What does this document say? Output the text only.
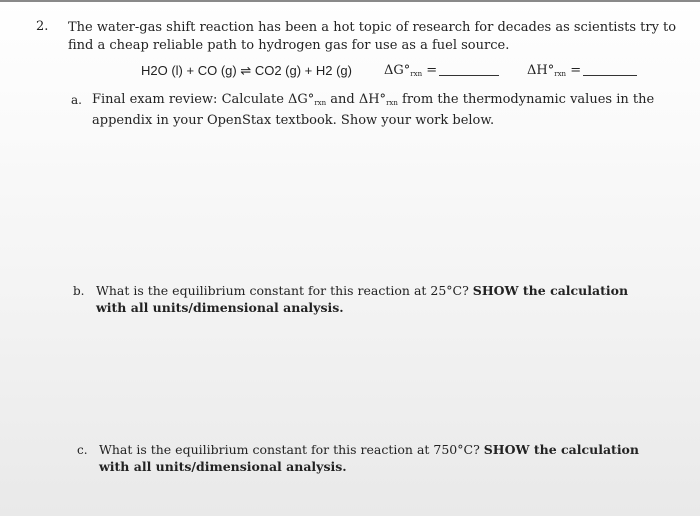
2. The water-gas shift reaction has been a hot topic of research for decades as scientists try to find a cheap reliable path to hydrogen gas for use as a fuel source.
H2O (l) + CO (g) ⇌ CO2 (g) + H2 (g) $\Delta G^\circ_{rxn}$ =	$\Delta H^\circ_{rxn}$ =
a. Final exam review: Calculate $\Delta G^\circ_{rxn}$ and $\Delta H^\circ_{rxn}$ from the thermodynamic values in the appendix in your OpenStax textbook. Show your work below.
b. What is the equilibrium constant for this reaction at 25°C? SHOW the calculation with all units/dimensional analysis.
c. What is the equilibrium constant for this reaction at 750°C? SHOW the calculation with all units/dimensional analysis.
